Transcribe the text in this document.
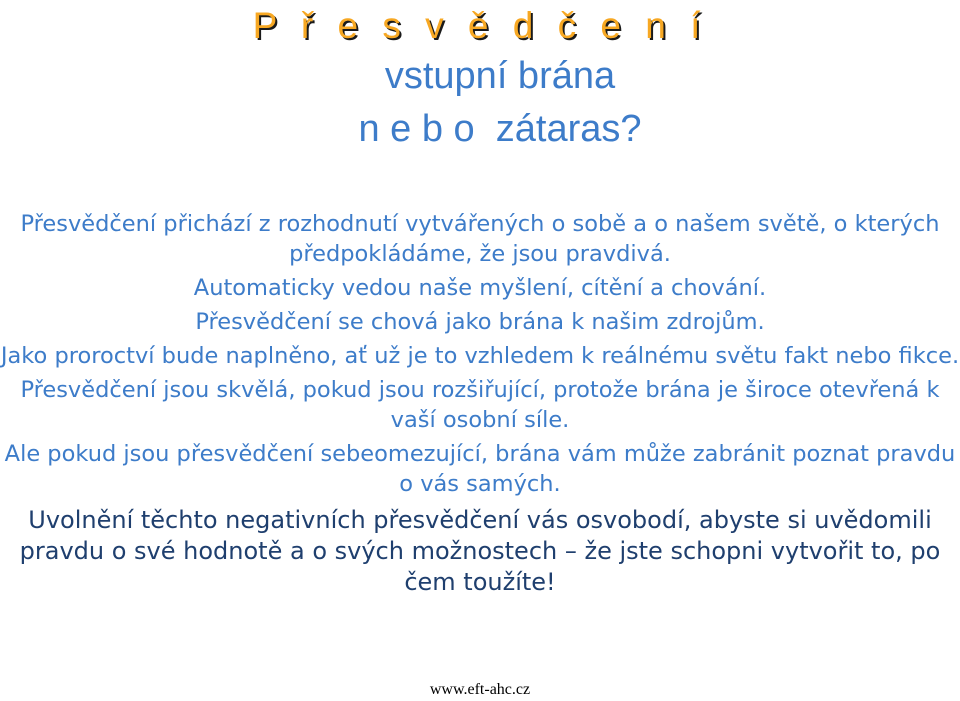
P ř e s v ě d č e n í
vstupní brána
n e b o  zátaras?

Přesvědčení přichází z rozhodnutí vytvářených o sobě a o našem světě, o kterých předpokládáme, že jsou pravdivá.

Automaticky vedou naše myšlení, cítění a chování.

Přesvědčení se chová jako brána k našim zdrojům.

Jako proroctví bude naplněno, ať už je to vzhledem k reálnému světu fakt nebo fikce.

Přesvědčení jsou skvělá, pokud jsou rozšiřující, protože brána je široce otevřená k vaší osobní síle.

Ale pokud jsou přesvědčení sebeomezující, brána vám může zabránit poznat pravdu o vás samých.

Uvolnění těchto negativních přesvědčení vás osvobodí, abyste si uvědomili pravdu o své hodnotě a o svých možnostech – že jste schopni vytvořit to, po čem toužíte!

www.eft-ahc.cz
